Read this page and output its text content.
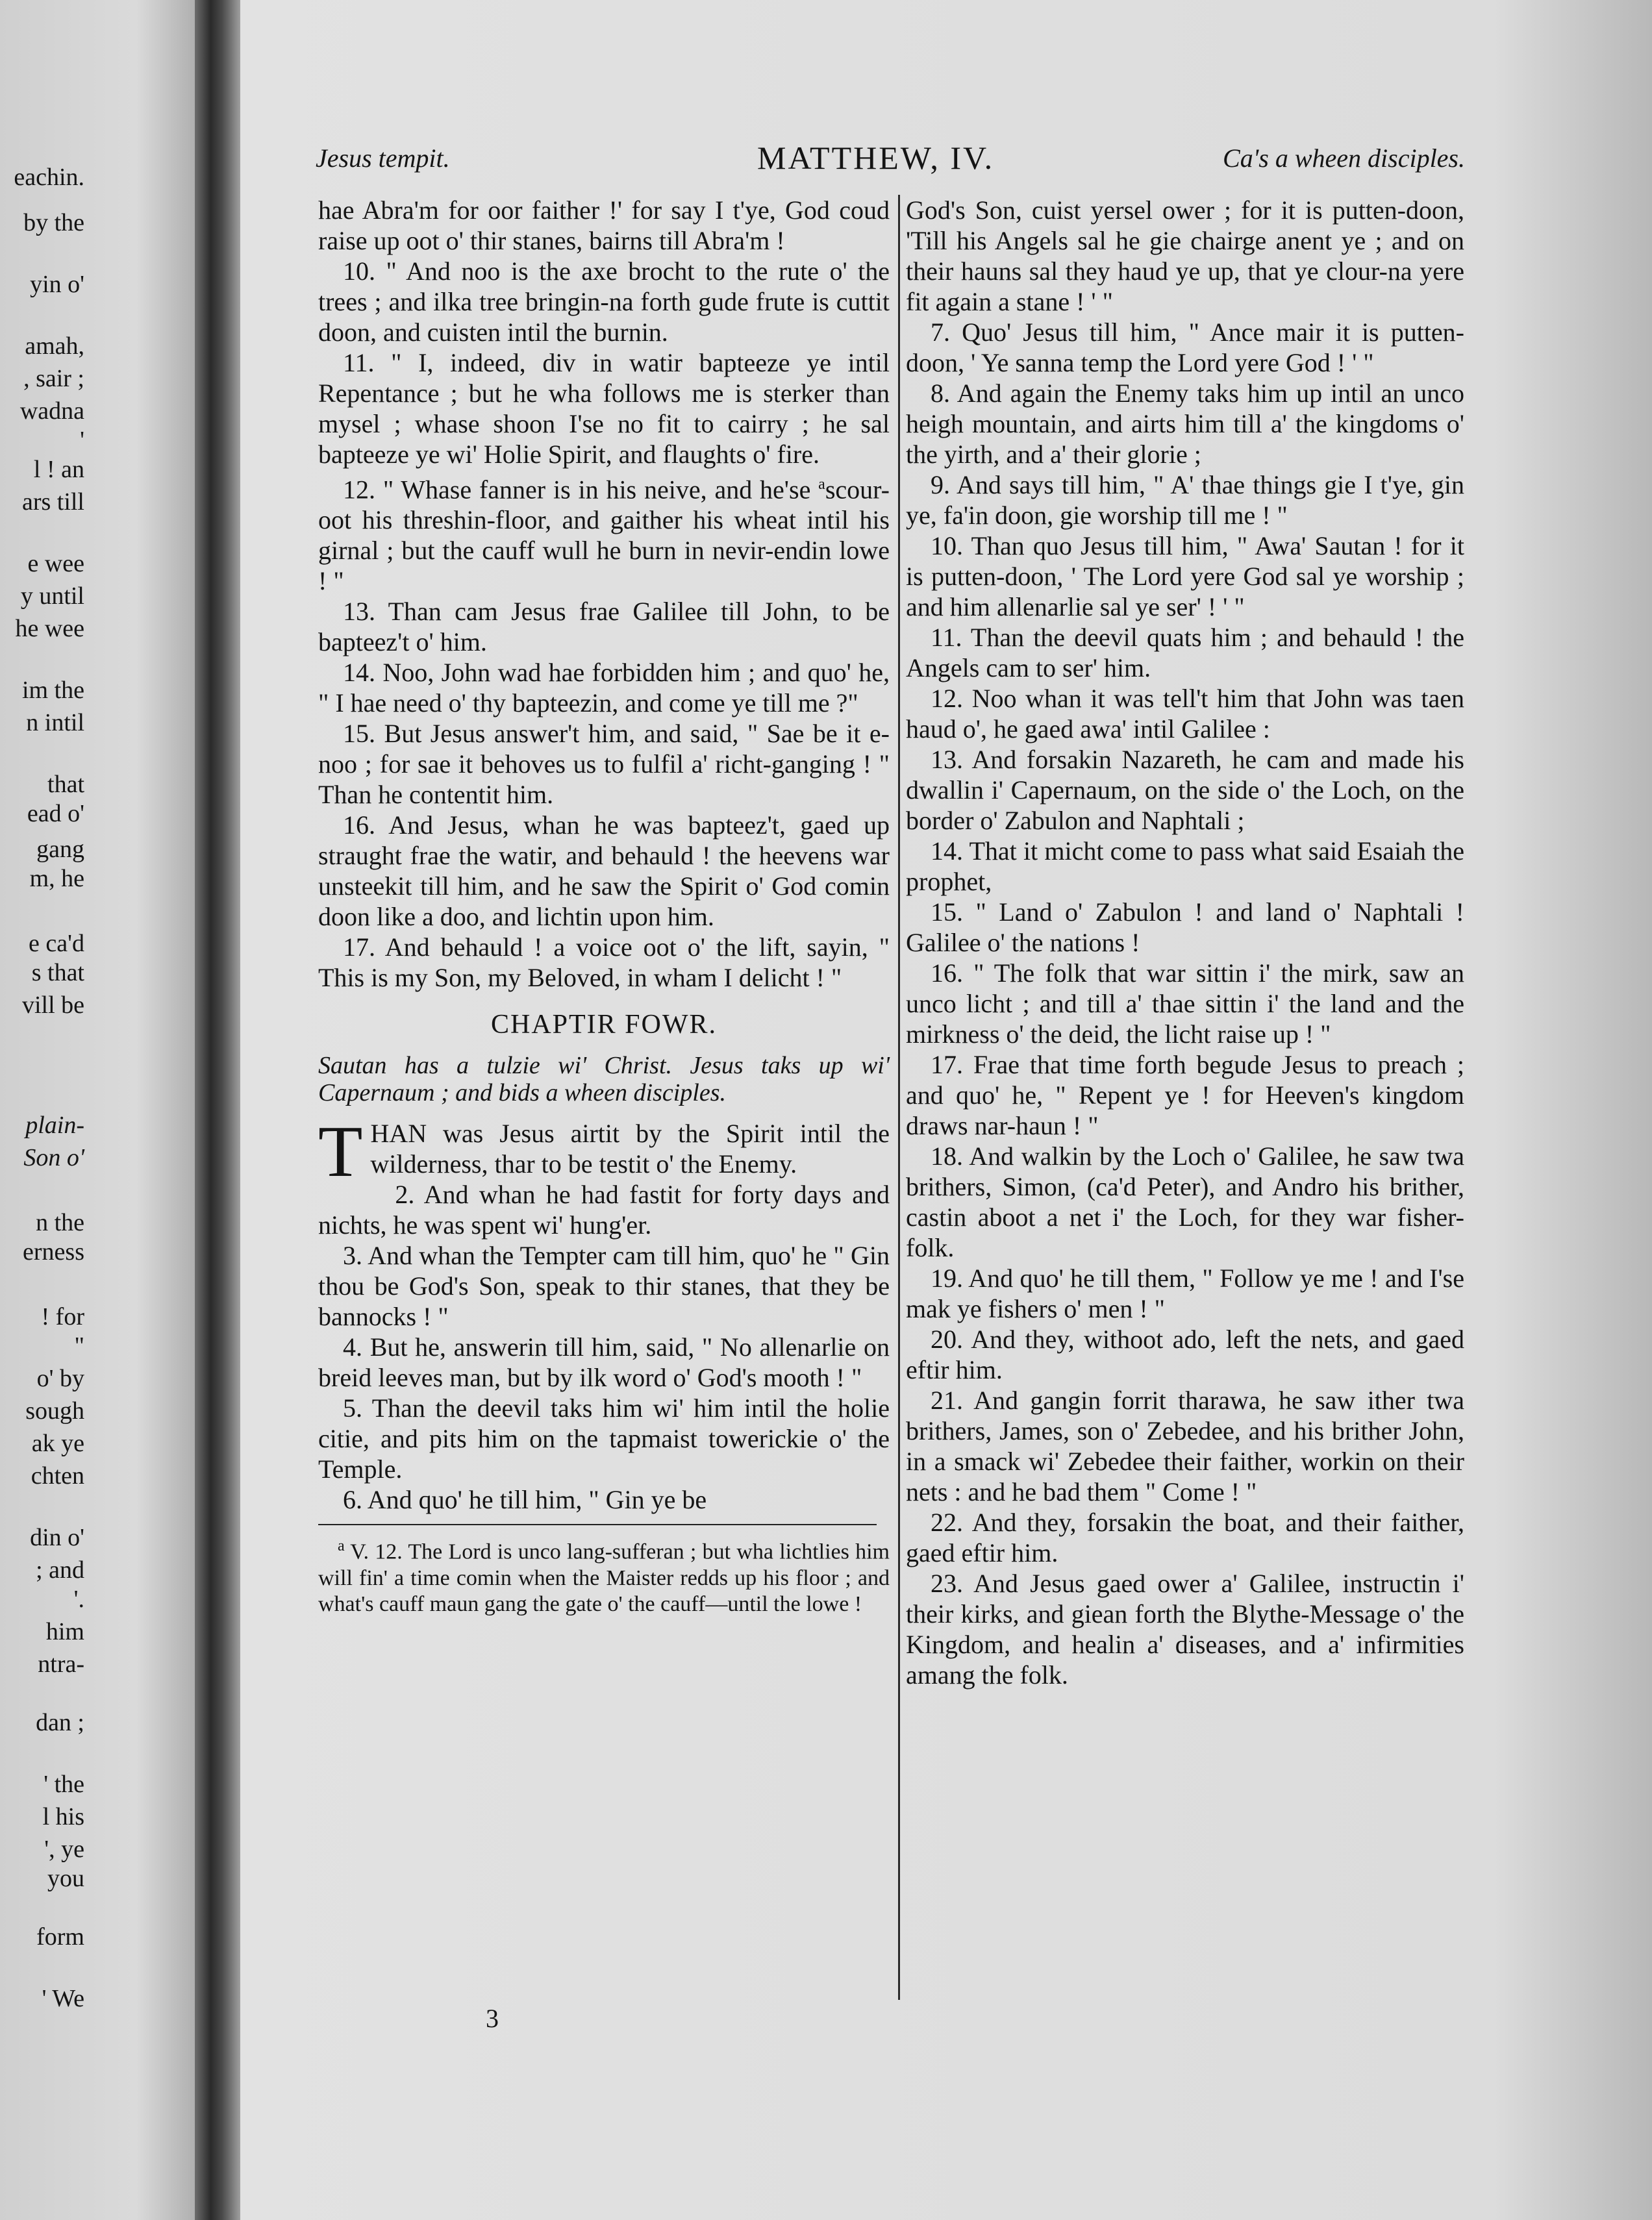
eachin.
by the
yin o'
amah,
, sair ;
wadna
'
l ! an
ars till
e wee
y until
he wee
im the
n intil
that
ead o'
gang
m, he
e ca'd
s that
vill be
plain-
Son o'
n the
erness
! for
"
o' by
sough
ak ye
chten
din o'
; and
'.
him
ntra-
dan ;
' the
l his
', ye
you
form
' We
Jesus tempit.	MATTHEW, IV.	Ca's a wheen disciples.

hae Abra'm for oor faither !' for say I t'ye, God coud raise up oot o' thir stanes, bairns till Abra'm !

10. " And noo is the axe brocht to the rute o' the trees ; and ilka tree bringin-na forth gude frute is cuttit doon, and cuisten intil the burnin.

11. " I, indeed, div in watir bapteeze ye intil Repentance ; but he wha follows me is sterker than mysel ; whase shoon I'se no fit to cairry ; he sal bapteeze ye wi' Holie Spirit, and flaughts o' fire.

12. " Whase fanner is in his neive, and he'se $^a$scour-oot his threshin-floor, and gaither his wheat intil his girnal ; but the cauff wull he burn in nevir-endin lowe ! "

13. Than cam Jesus frae Galilee till John, to be bapteez't o' him.

14. Noo, John wad hae forbidden him ; and quo' he, " I hae need o' thy bapteezin, and come ye till me ?"

15. But Jesus answer't him, and said, " Sae be it e-noo ; for sae it behoves us to fulfil a' richt-ganging ! " Than he contentit him.

16. And Jesus, whan he was bapteez't, gaed up straught frae the watir, and behauld ! the heevens war unsteekit till him, and he saw the Spirit o' God comin doon like a doo, and lichtin upon him.

17. And behauld ! a voice oot o' the lift, sayin, " This is my Son, my Beloved, in wham I delicht ! "

CHAPTIR FOWR.

Sautan has a tulzie wi' Christ. Jesus taks up wi' Capernaum ; and bids a wheen disciples.

THAN was Jesus airtit by the Spirit intil the wilderness, thar to be testit o' the Enemy.

2. And whan he had fastit for forty days and nichts, he was spent wi' hung'er.

3. And whan the Tempter cam till him, quo' he " Gin thou be God's Son, speak to thir stanes, that they be bannocks ! "

4. But he, answerin till him, said, " No allenarlie on breid leeves man, but by ilk word o' God's mooth ! "

5. Than the deevil taks him wi' him intil the holie citie, and pits him on the tapmaist towerickie o' the Temple.

6. And quo' he till him, " Gin ye be

$^a$ V. 12. The Lord is unco lang-sufferan ; but wha lichtlies him will fin' a time comin when the Maister redds up his floor ; and what's cauff maun gang the gate o' the cauff—until the lowe !

God's Son, cuist yersel ower ; for it is putten-doon, 'Till his Angels sal he gie chairge anent ye ; and on their hauns sal they haud ye up, that ye clour-na yere fit again a stane ! ' "

7. Quo' Jesus till him, " Ance mair it is putten-doon, ' Ye sanna temp the Lord yere God ! ' "

8. And again the Enemy taks him up intil an unco heigh mountain, and airts him till a' the kingdoms o' the yirth, and a' their glorie ;

9. And says till him, " A' thae things gie I t'ye, gin ye, fa'in doon, gie worship till me ! "

10. Than quo Jesus till him, " Awa' Sautan ! for it is putten-doon, ' The Lord yere God sal ye worship ; and him allenarlie sal ye ser' ! ' "

11. Than the deevil quats him ; and behauld ! the Angels cam to ser' him.

12. Noo whan it was tell't him that John was taen haud o', he gaed awa' intil Galilee :

13. And forsakin Nazareth, he cam and made his dwallin i' Capernaum, on the side o' the Loch, on the border o' Zabulon and Naphtali ;

14. That it micht come to pass what said Esaiah the prophet,

15. " Land o' Zabulon ! and land o' Naphtali ! Galilee o' the nations !

16. " The folk that war sittin i' the mirk, saw an unco licht ; and till a' thae sittin i' the land and the mirkness o' the deid, the licht raise up ! "

17. Frae that time forth begude Jesus to preach ; and quo' he, " Repent ye ! for Heeven's kingdom draws nar-haun ! "

18. And walkin by the Loch o' Galilee, he saw twa brithers, Simon, (ca'd Peter), and Andro his brither, castin aboot a net i' the Loch, for they war fisher-folk.

19. And quo' he till them, " Follow ye me ! and I'se mak ye fishers o' men ! "

20. And they, withoot ado, left the nets, and gaed eftir him.

21. And gangin forrit tharawa, he saw ither twa brithers, James, son o' Zebedee, and his brither John, in a smack wi' Zebedee their faither, workin on their nets : and he bad them " Come ! "

22. And they, forsakin the boat, and their faither, gaed eftir him.

23. And Jesus gaed ower a' Galilee, instructin i' their kirks, and giean forth the Blythe-Message o' the Kingdom, and healin a' diseases, and a' infirmities amang the folk.

3
